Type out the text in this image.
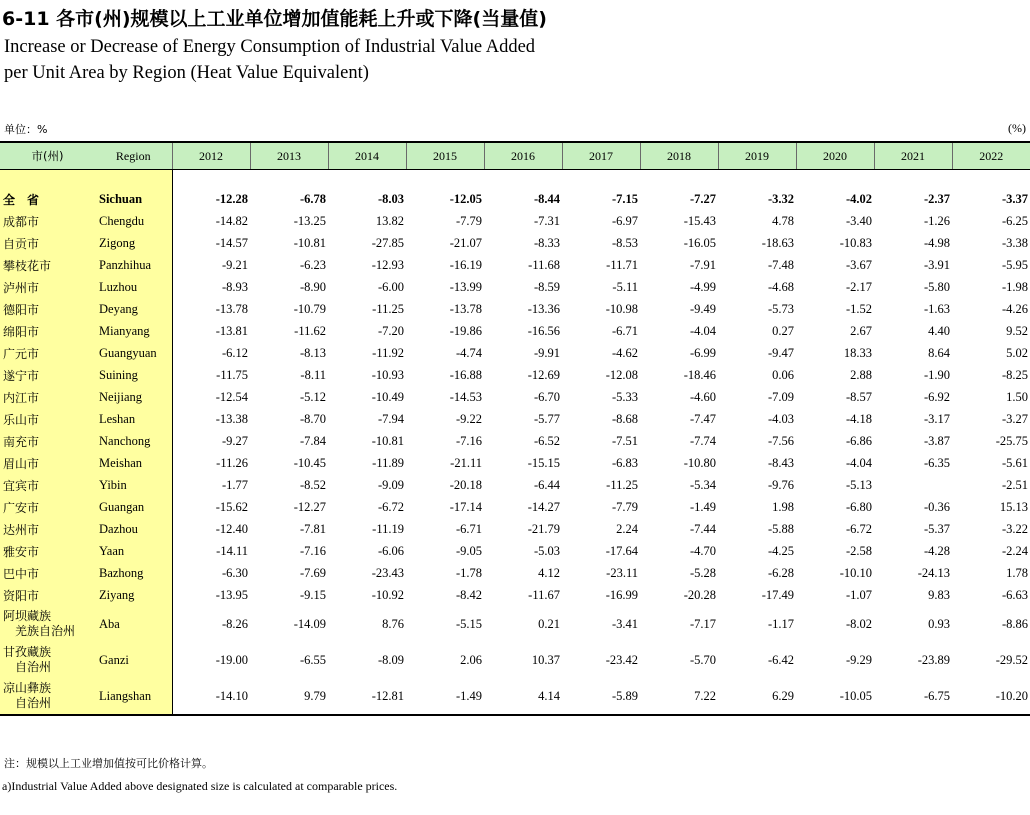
6-11 各市(州)规模以上工业单位增加值能耗上升或下降(当量值)
Increase or Decrease of Energy Consumption of Industrial Value Added
per Unit Area by Region (Heat Value Equivalent)
单位：%	(%)
市(州)	Region	2012	2013	2014	2015	2016	2017	2018	2019	2020	2021	2022

全　省	Sichuan	-12.28	-6.78	-8.03	-12.05	-8.44	-7.15	-7.27	-3.32	-4.02	-2.37	-3.37
成都市	Chengdu	-14.82	-13.25	13.82	-7.79	-7.31	-6.97	-15.43	4.78	-3.40	-1.26	-6.25
自贡市	Zigong	-14.57	-10.81	-27.85	-21.07	-8.33	-8.53	-16.05	-18.63	-10.83	-4.98	-3.38
攀枝花市	Panzhihua	-9.21	-6.23	-12.93	-16.19	-11.68	-11.71	-7.91	-7.48	-3.67	-3.91	-5.95
泸州市	Luzhou	-8.93	-8.90	-6.00	-13.99	-8.59	-5.11	-4.99	-4.68	-2.17	-5.80	-1.98
德阳市	Deyang	-13.78	-10.79	-11.25	-13.78	-13.36	-10.98	-9.49	-5.73	-1.52	-1.63	-4.26
绵阳市	Mianyang	-13.81	-11.62	-7.20	-19.86	-16.56	-6.71	-4.04	0.27	2.67	4.40	9.52
广元市	Guangyuan	-6.12	-8.13	-11.92	-4.74	-9.91	-4.62	-6.99	-9.47	18.33	8.64	5.02
遂宁市	Suining	-11.75	-8.11	-10.93	-16.88	-12.69	-12.08	-18.46	0.06	2.88	-1.90	-8.25
内江市	Neijiang	-12.54	-5.12	-10.49	-14.53	-6.70	-5.33	-4.60	-7.09	-8.57	-6.92	1.50
乐山市	Leshan	-13.38	-8.70	-7.94	-9.22	-5.77	-8.68	-7.47	-4.03	-4.18	-3.17	-3.27
南充市	Nanchong	-9.27	-7.84	-10.81	-7.16	-6.52	-7.51	-7.74	-7.56	-6.86	-3.87	-25.75
眉山市	Meishan	-11.26	-10.45	-11.89	-21.11	-15.15	-6.83	-10.80	-8.43	-4.04	-6.35	-5.61
宜宾市	Yibin	-1.77	-8.52	-9.09	-20.18	-6.44	-11.25	-5.34	-9.76	-5.13		-2.51
广安市	Guangan	-15.62	-12.27	-6.72	-17.14	-14.27	-7.79	-1.49	1.98	-6.80	-0.36	15.13
达州市	Dazhou	-12.40	-7.81	-11.19	-6.71	-21.79	2.24	-7.44	-5.88	-6.72	-5.37	-3.22
雅安市	Yaan	-14.11	-7.16	-6.06	-9.05	-5.03	-17.64	-4.70	-4.25	-2.58	-4.28	-2.24
巴中市	Bazhong	-6.30	-7.69	-23.43	-1.78	4.12	-23.11	-5.28	-6.28	-10.10	-24.13	1.78
资阳市	Ziyang	-13.95	-9.15	-10.92	-8.42	-11.67	-16.99	-20.28	-17.49	-1.07	9.83	-6.63

阿坝藏族
　羌族自治州	Aba	-8.26	-14.09	8.76	-5.15	0.21	-3.41	-7.17	-1.17	-8.02	0.93	-8.86

甘孜藏族
　自治州	Ganzi	-19.00	-6.55	-8.09	2.06	10.37	-23.42	-5.70	-6.42	-9.29	-23.89	-29.52

凉山彝族
　自治州	Liangshan	-14.10	9.79	-12.81	-1.49	4.14	-5.89	7.22	6.29	-10.05	-6.75	-10.20
注：规模以上工业增加值按可比价格计算。
a)Industrial Value Added above designated size is calculated at comparable prices.
